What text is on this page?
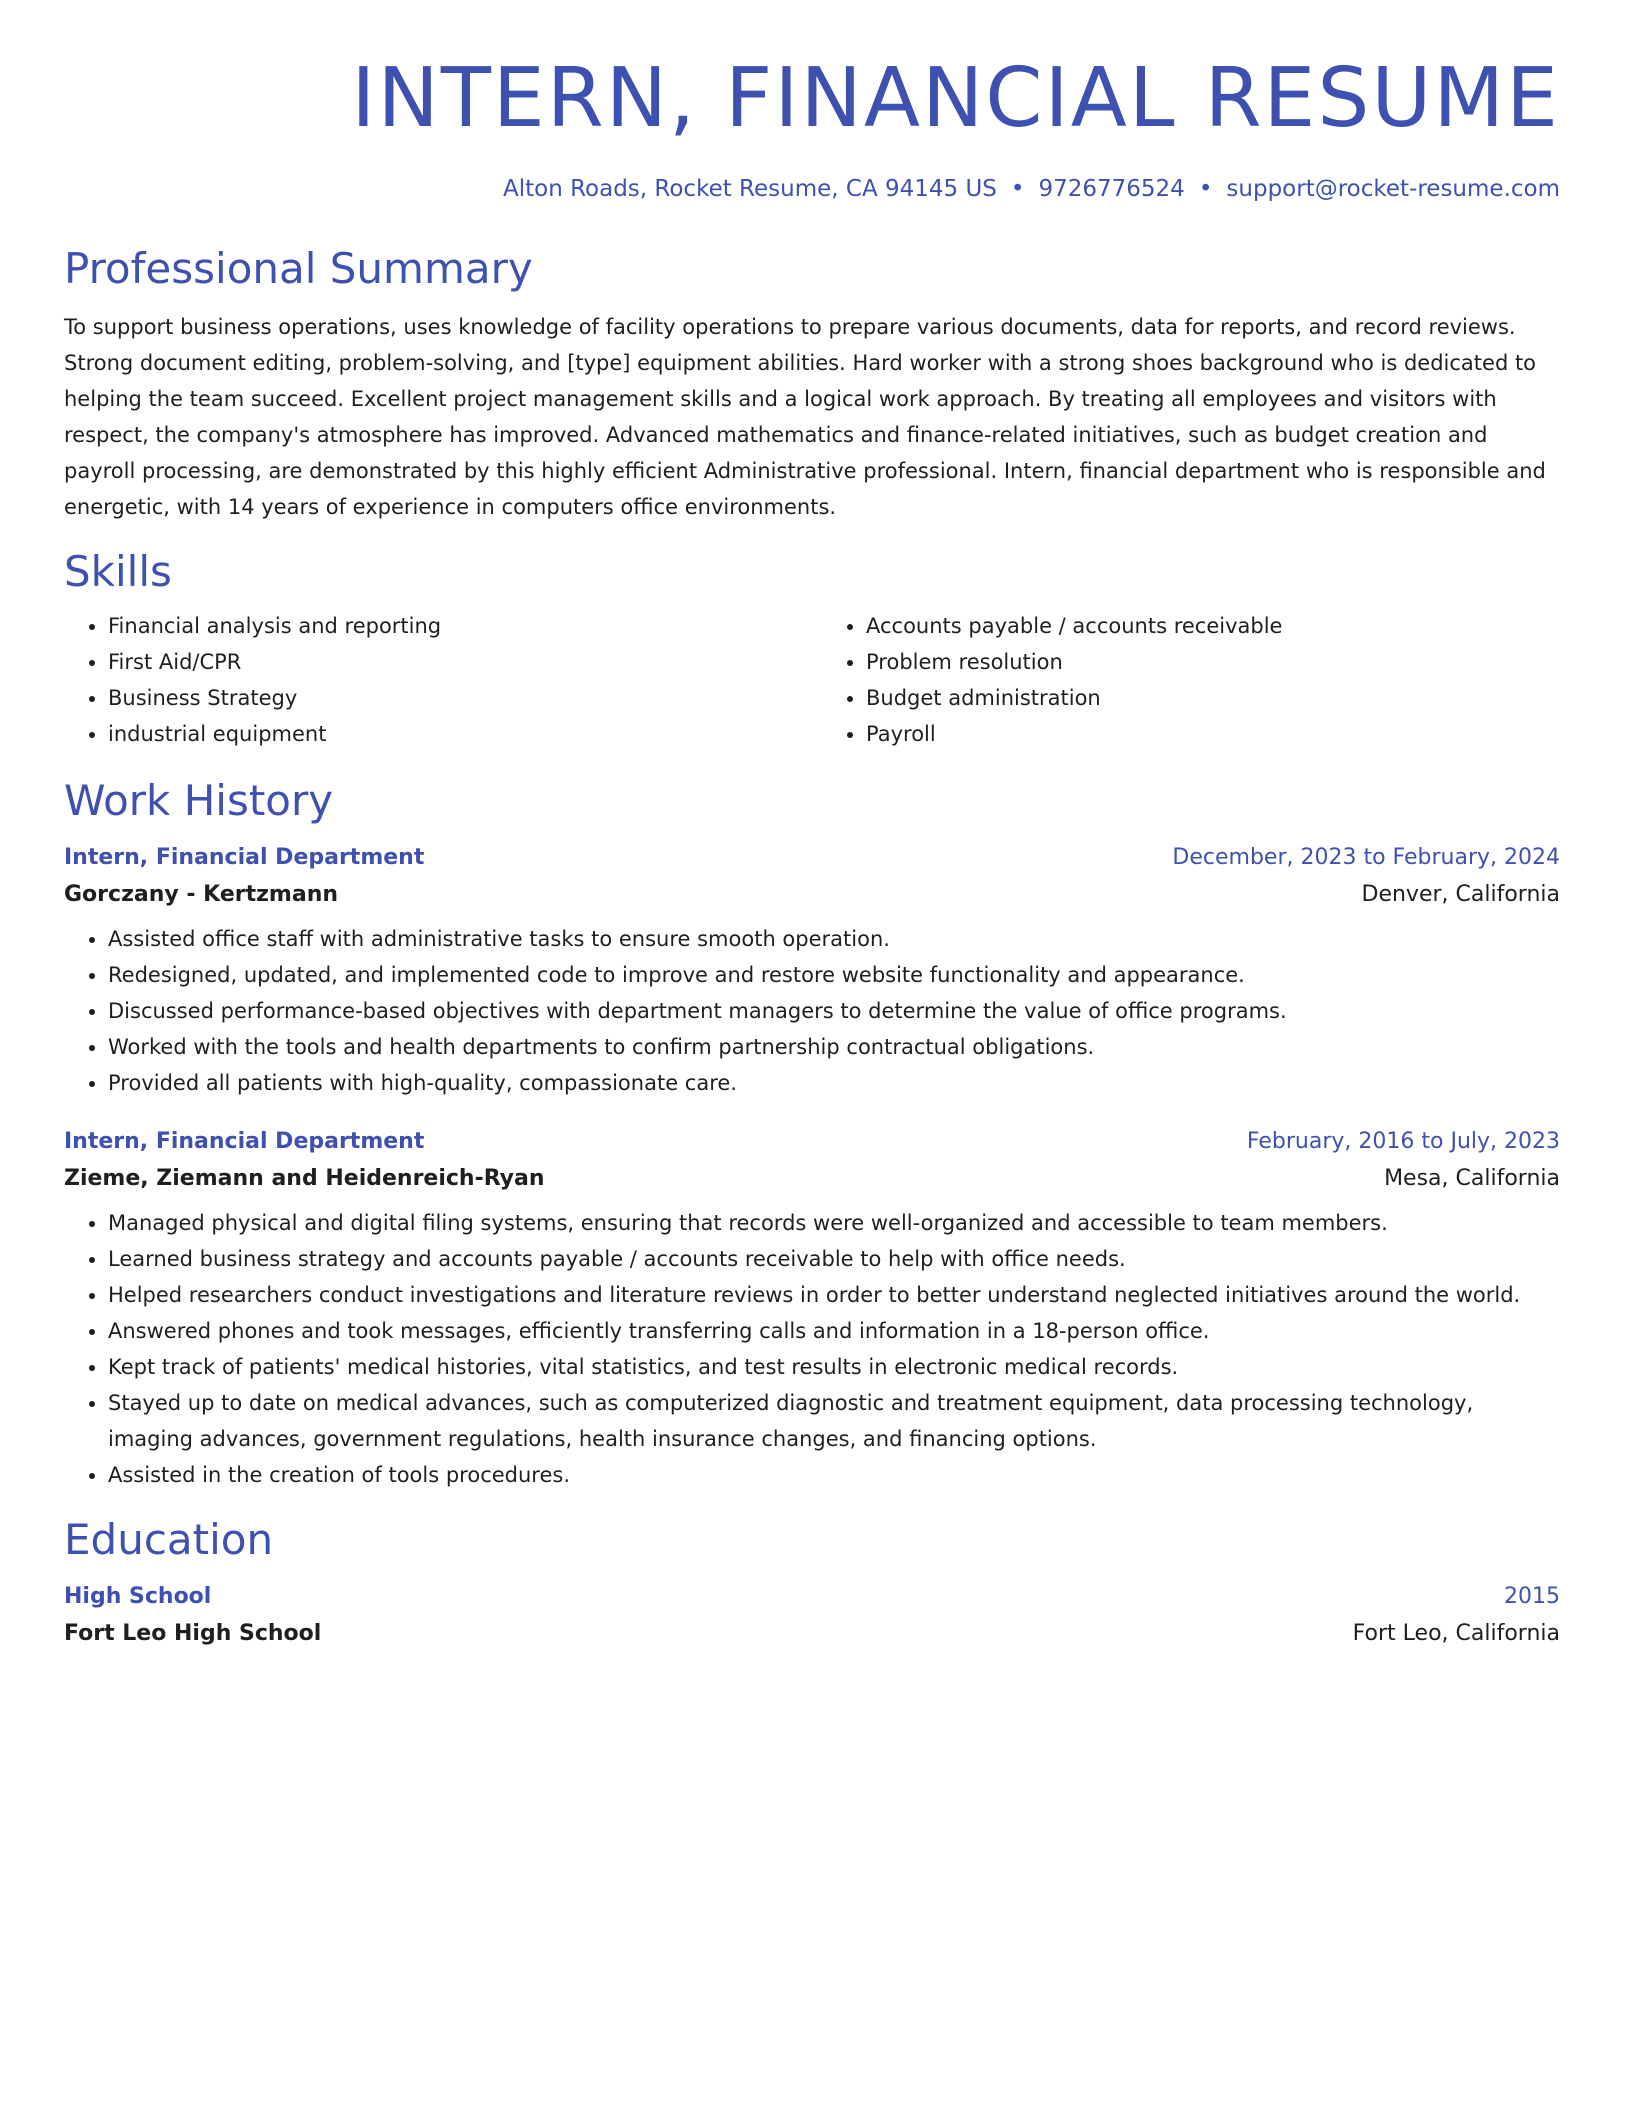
INTERN, FINANCIAL RESUME
Alton Roads, Rocket Resume, CA 94145 US • 9726776524 • support@rocket-resume.com
Professional Summary
To support business operations, uses knowledge of facility operations to prepare various documents, data for reports, and record reviews. Strong document editing, problem-solving, and [type] equipment abilities. Hard worker with a strong shoes background who is dedicated to helping the team succeed. Excellent project management skills and a logical work approach. By treating all employees and visitors with respect, the company's atmosphere has improved. Advanced mathematics and finance-related initiatives, such as budget creation and payroll processing, are demonstrated by this highly efficient Administrative professional. Intern, financial department who is responsible and energetic, with 14 years of experience in computers office environments.
Skills
• Financial analysis and reporting
• First Aid/CPR
• Business Strategy
• industrial equipment
• Accounts payable / accounts receivable
• Problem resolution
• Budget administration
• Payroll
Work History
Intern, Financial Department	December, 2023 to February, 2024
Gorczany - Kertzmann	Denver, California
• Assisted office staff with administrative tasks to ensure smooth operation.
• Redesigned, updated, and implemented code to improve and restore website functionality and appearance.
• Discussed performance-based objectives with department managers to determine the value of office programs.
• Worked with the tools and health departments to confirm partnership contractual obligations.
• Provided all patients with high-quality, compassionate care.
Intern, Financial Department	February, 2016 to July, 2023
Zieme, Ziemann and Heidenreich-Ryan	Mesa, California
• Managed physical and digital filing systems, ensuring that records were well-organized and accessible to team members.
• Learned business strategy and accounts payable / accounts receivable to help with office needs.
• Helped researchers conduct investigations and literature reviews in order to better understand neglected initiatives around the world.
• Answered phones and took messages, efficiently transferring calls and information in a 18-person office.
• Kept track of patients' medical histories, vital statistics, and test results in electronic medical records.
• Stayed up to date on medical advances, such as computerized diagnostic and treatment equipment, data processing technology, imaging advances, government regulations, health insurance changes, and financing options.
• Assisted in the creation of tools procedures.
Education
High School	2015
Fort Leo High School	Fort Leo, California
